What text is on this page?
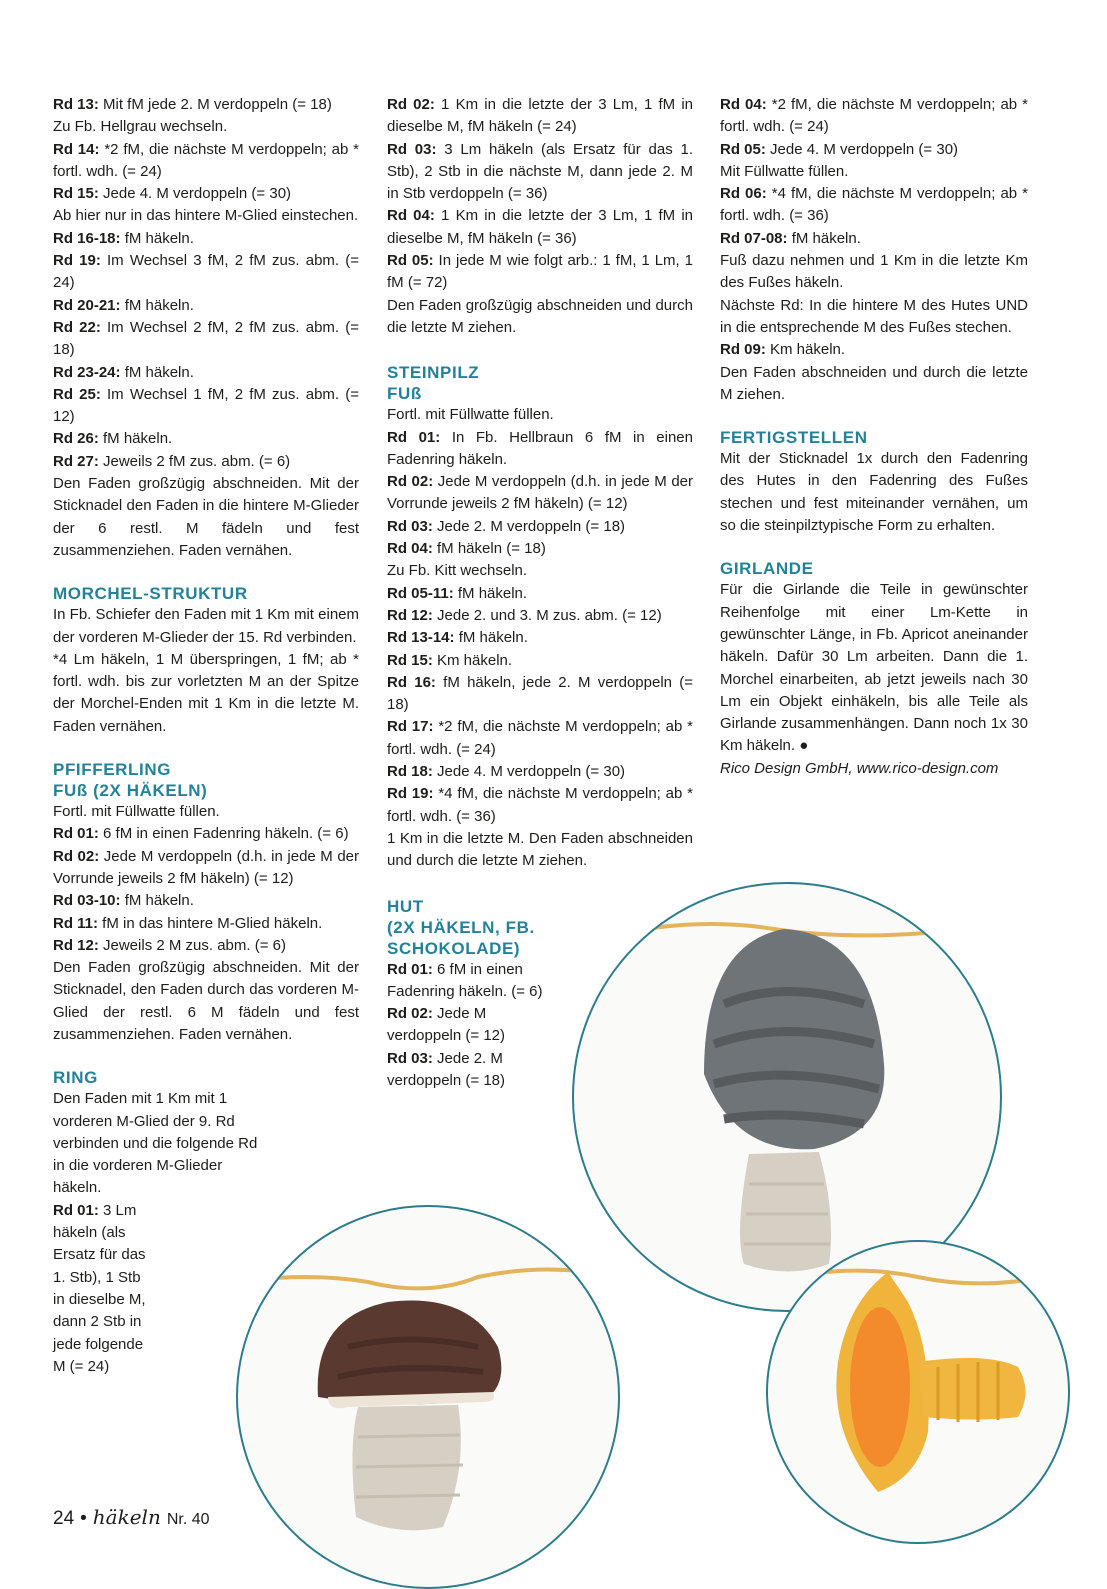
Rd 13: Mit fM jede 2. M verdoppeln (= 18)

Zu Fb. Hellgrau wechseln.

Rd 14: *2 fM, die nächste M verdoppeln; ab * fortl. wdh. (= 24)

Rd 15: Jede 4. M verdoppeln (= 30)

Ab hier nur in das hintere M-Glied einstechen.

Rd 16-18: fM häkeln.

Rd 19: Im Wechsel 3 fM, 2 fM zus. abm. (= 24)

Rd 20-21: fM häkeln.

Rd 22: Im Wechsel 2 fM, 2 fM zus. abm. (= 18)

Rd 23-24: fM häkeln.

Rd 25: Im Wechsel 1 fM, 2 fM zus. abm. (= 12)

Rd 26: fM häkeln.

Rd 27: Jeweils 2 fM zus. abm. (= 6)

Den Faden großzügig abschneiden. Mit der Sticknadel den Faden in die hintere M-Glieder der 6 restl. M fädeln und fest zusammenziehen. Faden vernähen.

MORCHEL-STRUKTUR

In Fb. Schiefer den Faden mit 1 Km mit einem der vorderen M-Glieder der 15. Rd verbinden.

*4 Lm häkeln, 1 M überspringen, 1 fM; ab * fortl. wdh. bis zur vorletzten M an der Spitze der Morchel-Enden mit 1 Km in die letzte M. Faden vernähen.

PFIFFERLING
FUß (2X HÄKELN)

Fortl. mit Füllwatte füllen.

Rd 01: 6 fM in einen Fadenring häkeln. (= 6)

Rd 02: Jede M verdoppeln (d.h. in jede M der Vorrunde jeweils 2 fM häkeln) (= 12)

Rd 03-10: fM häkeln.

Rd 11: fM in das hintere M-Glied häkeln.

Rd 12: Jeweils 2 M zus. abm. (= 6)

Den Faden großzügig abschneiden. Mit der Sticknadel, den Faden durch das vorderen M-Glied der restl. 6 M fädeln und fest zusammenziehen. Faden vernähen.

RING

Den Faden mit 1 Km mit 1 vorderen M-Glied der 9. Rd verbinden und die folgende Rd in die vorderen M-Glieder häkeln.

Rd 01: 3 Lm häkeln (als Ersatz für das 1. Stb), 1 Stb in dieselbe M, dann 2 Stb in jede folgende M (= 24)

Rd 02: 1 Km in die letzte der 3 Lm, 1 fM in dieselbe M, fM häkeln (= 24)

Rd 03: 3 Lm häkeln (als Ersatz für das 1. Stb), 2 Stb in die nächste M, dann jede 2. M in Stb verdoppeln (= 36)

Rd 04: 1 Km in die letzte der 3 Lm, 1 fM in dieselbe M, fM häkeln (= 36)

Rd 05: In jede M wie folgt arb.: 1 fM, 1 Lm, 1 fM (= 72)

Den Faden großzügig abschneiden und durch die letzte M ziehen.

STEINPILZ
FUß

Fortl. mit Füllwatte füllen.

Rd 01: In Fb. Hellbraun 6 fM in einen Fadenring häkeln.

Rd 02: Jede M verdoppeln (d.h. in jede M der Vorrunde jeweils 2 fM häkeln) (= 12)

Rd 03: Jede 2. M verdoppeln (= 18)

Rd 04: fM häkeln (= 18)

Zu Fb. Kitt wechseln.

Rd 05-11: fM häkeln.

Rd 12: Jede 2. und 3. M zus. abm. (= 12)

Rd 13-14: fM häkeln.

Rd 15: Km häkeln.

Rd 16: fM häkeln, jede 2. M verdoppeln (= 18)

Rd 17: *2 fM, die nächste M verdoppeln; ab * fortl. wdh. (= 24)

Rd 18: Jede 4. M verdoppeln (= 30)

Rd 19: *4 fM, die nächste M verdoppeln; ab * fortl. wdh. (= 36)

1 Km in die letzte M. Den Faden abschneiden und durch die letzte M ziehen.

HUT
(2X HÄKELN, FB.
SCHOKOLADE)

Rd 01: 6 fM in einen Fadenring häkeln. (= 6)

Rd 02: Jede M verdoppeln (= 12)

Rd 03: Jede 2. M verdoppeln (= 18)

Rd 04: *2 fM, die nächste M verdoppeln; ab * fortl. wdh. (= 24)

Rd 05: Jede 4. M verdoppeln (= 30)

Mit Füllwatte füllen.

Rd 06: *4 fM, die nächste M verdoppeln; ab * fortl. wdh. (= 36)

Rd 07-08: fM häkeln.

Fuß dazu nehmen und 1 Km in die letzte Km des Fußes häkeln.

Nächste Rd: In die hintere M des Hutes UND in die entsprechende M des Fußes stechen.

Rd 09: Km häkeln.

Den Faden abschneiden und durch die letzte M ziehen.

FERTIGSTELLEN

Mit der Sticknadel 1x durch den Fadenring des Hutes in den Fadenring des Fußes stechen und fest miteinander vernähen, um so die steinpilztypische Form zu erhalten.

GIRLANDE

Für die Girlande die Teile in gewünschter Reihenfolge mit einer Lm-Kette in gewünschter Länge, in Fb. Apricot aneinander häkeln. Dafür 30 Lm arbeiten. Dann die 1. Morchel einarbeiten, ab jetzt jeweils nach 30 Lm ein Objekt einhäkeln, bis alle Teile als Girlande zusammenhängen. Dann noch 1x 30 Km häkeln. ●

Rico Design GmbH, www.rico-design.com

24 • häkeln Nr. 40
